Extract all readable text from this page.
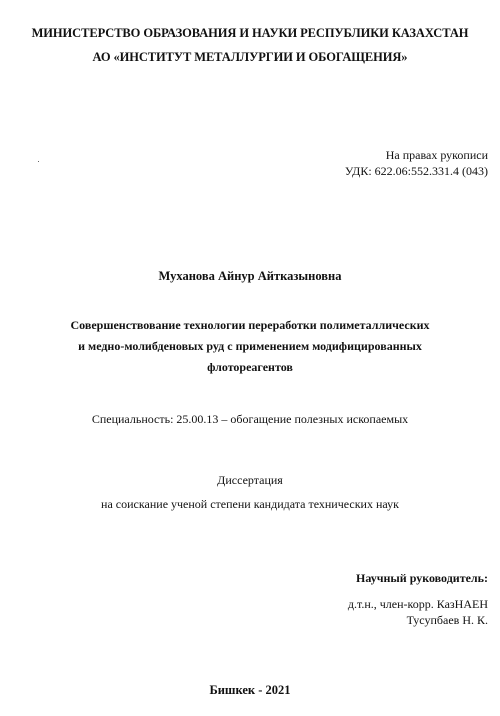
МИНИСТЕРСТВО ОБРАЗОВАНИЯ И НАУКИ РЕСПУБЛИКИ КАЗАХСТАН
АО «ИНСТИТУТ МЕТАЛЛУРГИИ И ОБОГАЩЕНИЯ»
На правах рукописи
УДК: 622.06:552.331.4 (043)
Муханова Айнур Айтказыновна
Совершенствование технологии переработки полиметаллических
и медно-молибденовых руд с применением модифицированных
флотореагентов
Специальность: 25.00.13 – обогащение полезных ископаемых
Диссертация
на соискание ученой степени кандидата технических наук
Научный руководитель:
д.т.н., член-корр. КазНАЕН
Тусупбаев Н. К.
Бишкек - 2021
